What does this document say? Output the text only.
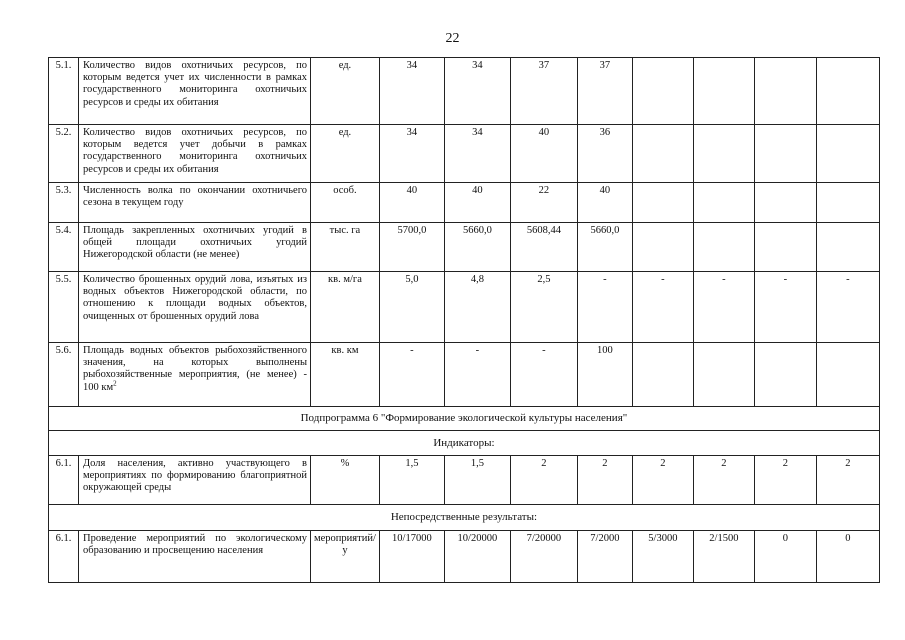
22
5.1.	Количество видов охотничьих ресурсов, по которым ведется учет их численности в рамках государственного мониторинга охотничьих ресурсов и среды их обитания	ед.	34	34	37	37				
5.2.	Количество видов охотничьих ресурсов, по которым ведется учет добычи в рамках государственного мониторинга охотничьих ресурсов и среды их обитания	ед.	34	34	40	36				
5.3.	Численность волка по окончании охотничьего сезона в текущем году	особ.	40	40	22	40				
5.4.	Площадь закрепленных охотничьих угодий в общей площади охотничьих угодий Нижегородской области (не менее)	тыс. га	5700,0	5660,0	5608,44	5660,0				
5.5.	Количество брошенных орудий лова, изъятых из водных объектов Нижегородской области, по отношению к площади водных объектов, очищенных от брошенных орудий лова	кв. м/га	5,0	4,8	2,5	-	-	-	-	-
5.6.	Площадь водных объектов рыбохозяйственного значения, на которых выполнены рыбохозяйственные мероприятия, (не менее) - 100 $км^2$	кв. км	-	-	-	100				
Подпрограмма 6 "Формирование экологической культуры населения"										
Индикаторы:										
6.1.	Доля населения, активно участвующего в мероприятиях по формированию благоприятной окружающей среды	%	1,5	1,5	2	2	2	2	2	2
Непосредственные результаты:										
6.1.	Проведение мероприятий по экологическому образованию и просвещению населения	мероприятий/у	10/17000	10/20000	7/20000	7/2000	5/3000	2/1500	0	0
